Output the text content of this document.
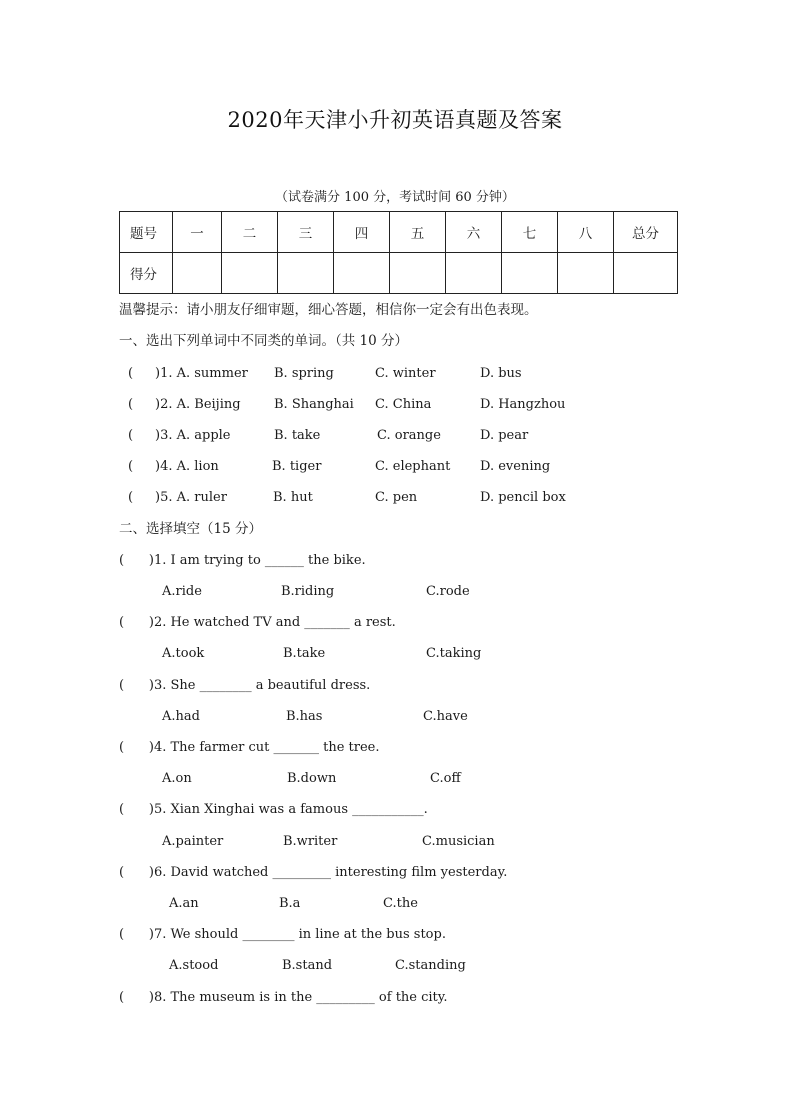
2020年天津小升初英语真题及答案
（试卷满分 100 分，考试时间 60 分钟）
题号	一	二	三	四	五	六	七	八	总分
得分									
温馨提示：请小朋友仔细审题，细心答题，相信你一定会有出色表现。
一、选出下列单词中不同类的单词。（共 10 分）
( )1. A. summer B. spring	C. winter	D. bus
( )2. A. Beijing	B. Shanghai C. China	D. Hangzhou
( )3. A. apple	B. take	C. orange	D. pear
( )4. A. lion	B. tiger	C. elephant D. evening
( )5. A. ruler	B. hut	C. pen	D. pencil box
二、选择填空（15 分）
(      )1. I am trying to ______ the bike.
A.ride	B.riding	C.rode
(      )2. He watched TV and _______ a rest.
A.took	B.take	C.taking
(      )3. She ________ a beautiful dress.
A.had	B.has	C.have
(      )4. The farmer cut _______ the tree.
A.on	B.down	C.off
(      )5. Xian Xinghai was a famous ___________.
A.painter	B.writer	C.musician
(      )6. David watched _________ interesting film yesterday.
A.an	B.a	C.the
(      )7. We should ________ in line at the bus stop.
A.stood	B.stand	C.standing
(      )8. The museum is in the _________ of the city.
